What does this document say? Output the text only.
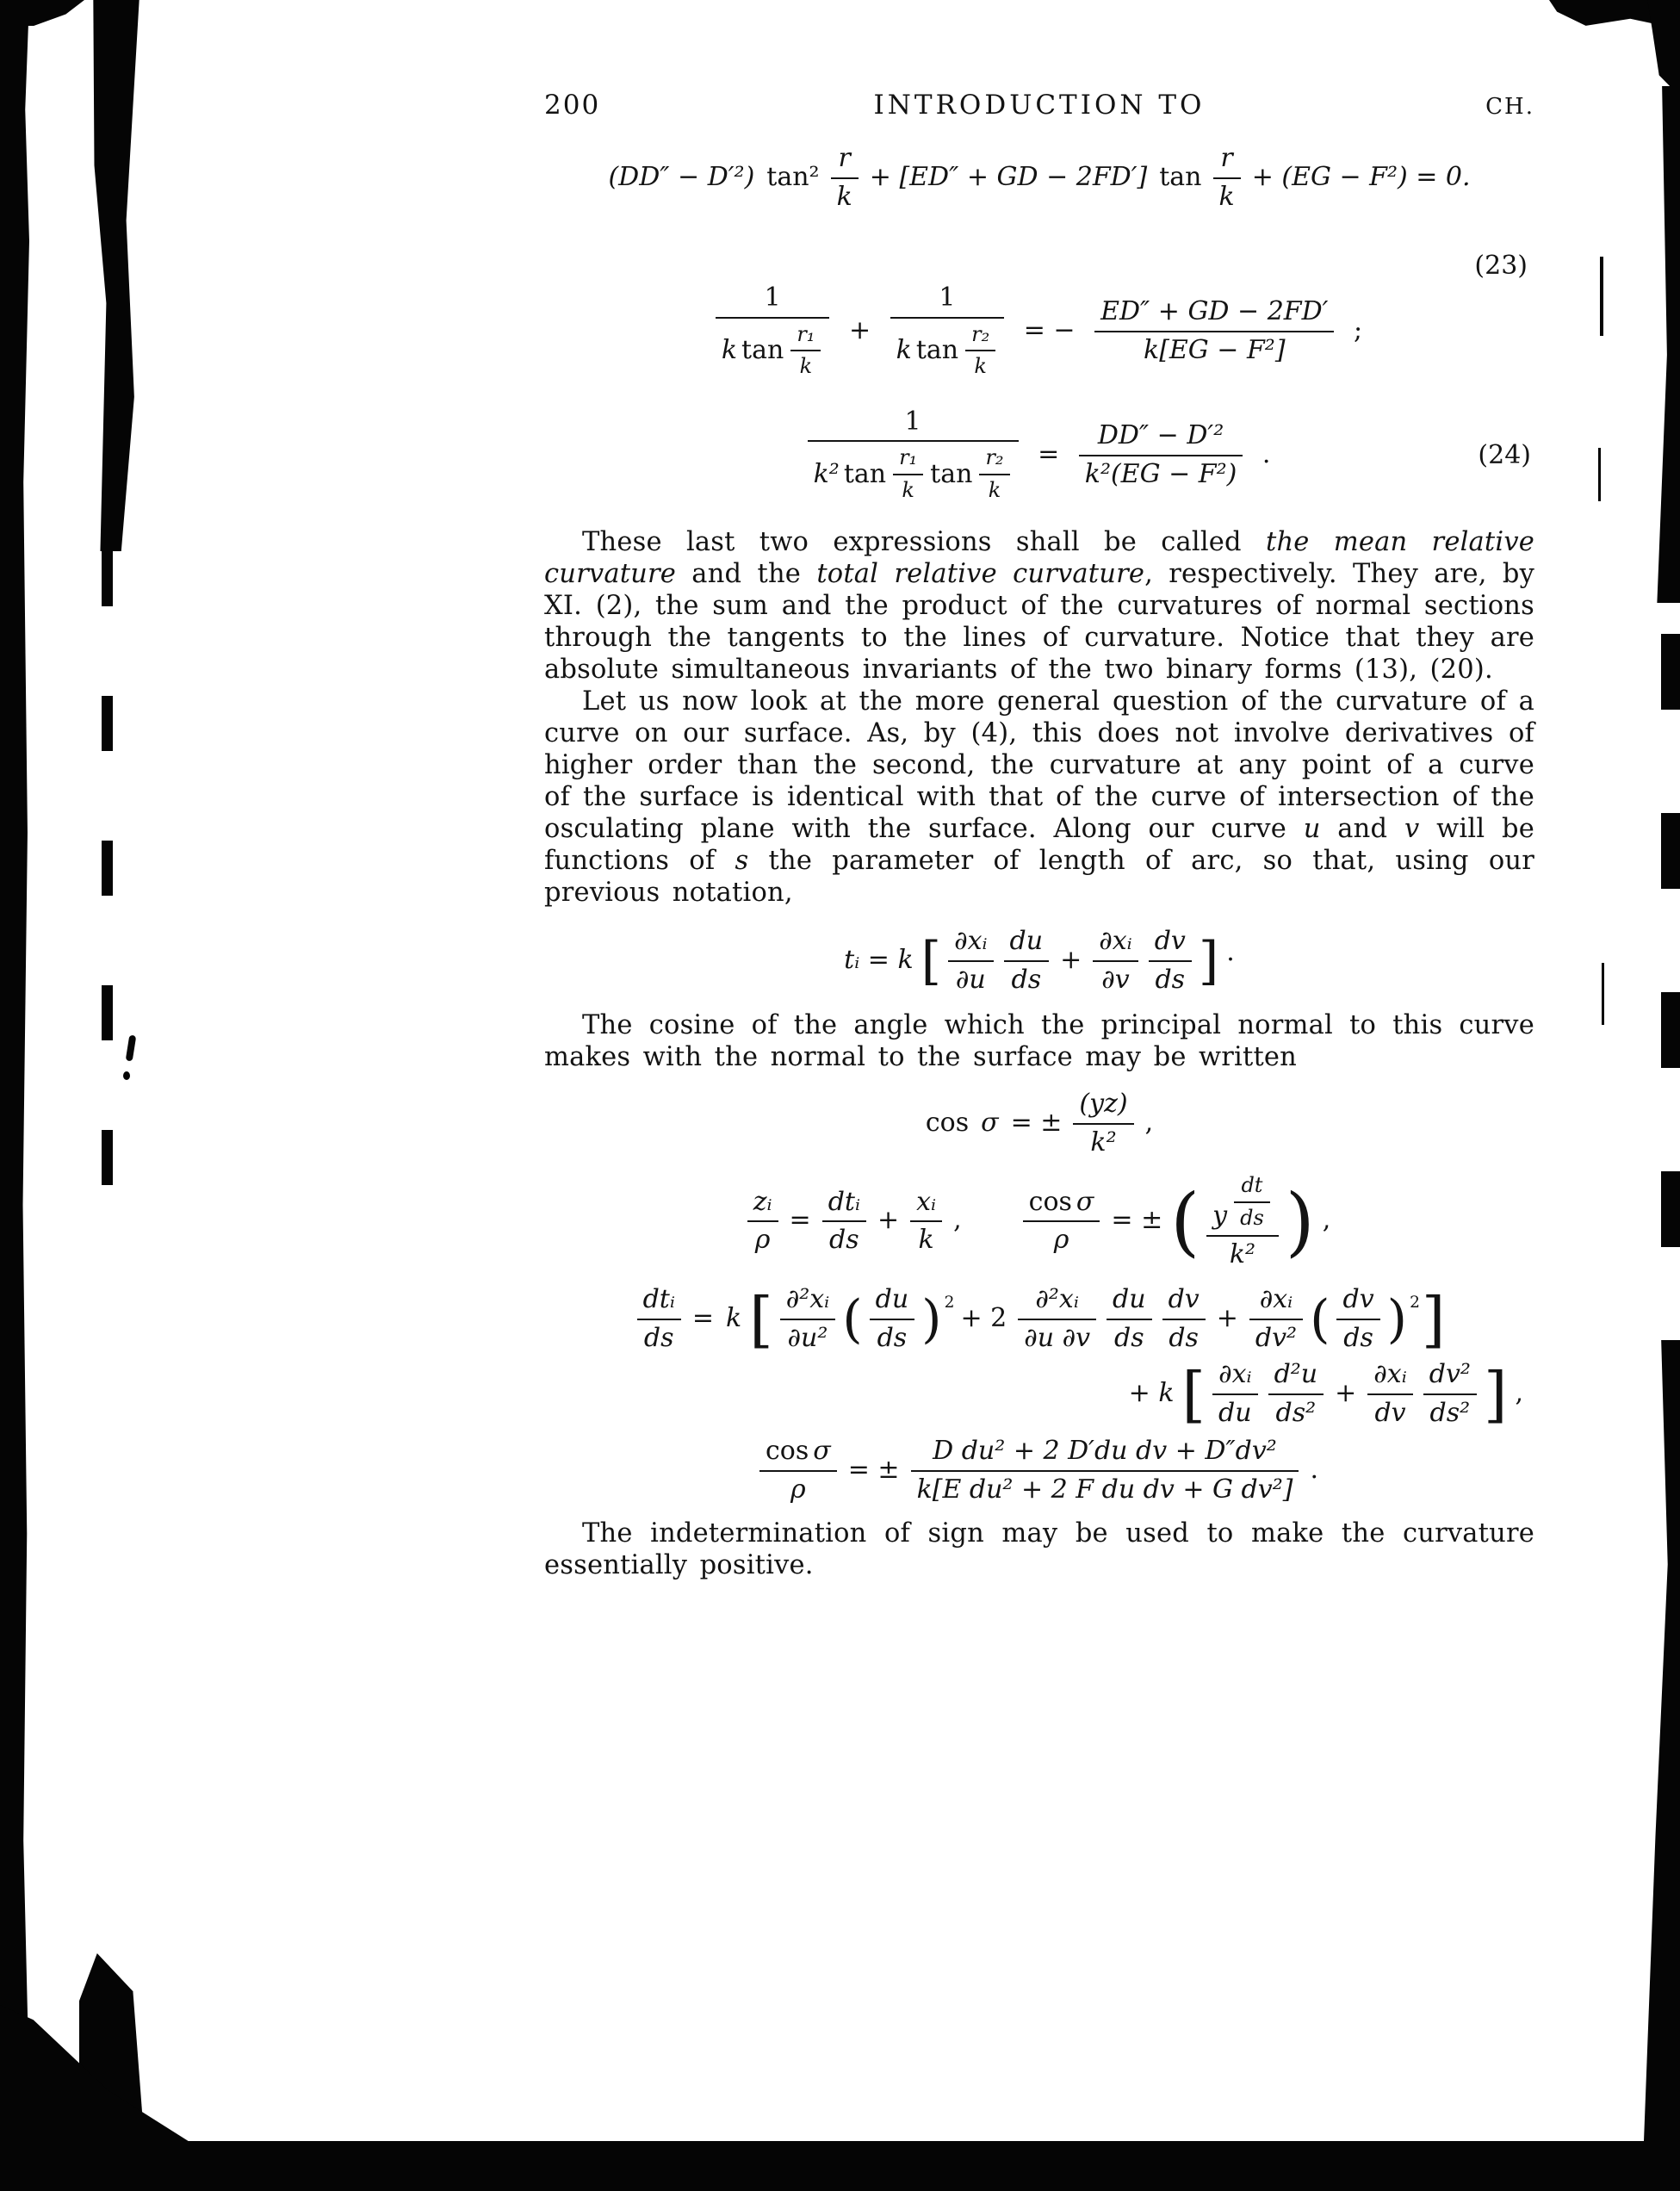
200	INTRODUCTION TO	CH.
(DD″ − D′²) $\tan^2 \frac{r}{k} + [ED''$ + GD − 2FD′] $\tan \frac{r}{k} + (EG - F^2) = 0$.
(23)
$\frac{1}{k \tan \frac{\text{r₁}}{k}} + \frac{1}{k \tan \frac{\text{r₂}}{k}}$ = − $\frac{ED'' + GD - 2FD'}{\text{k[EG − F²]}}$ ;
$\frac{1}{k^2 \tan \frac{\text{r₁}}{k} \tan \frac{\text{r₂}}{k}} = \frac{\text{DD″ − D′²}}{\text{k²(EG − F²)}}$ .	(24)

These last two expressions shall be called the mean relative curvature and the total relative curvature, respectively. They are, by XI. (2), the sum and the product of the curvatures of normal sections through the tangents to the lines of curvature. Notice that they are absolute simultaneous invariants of the two binary forms (13), (20).

Let us now look at the more general question of the curvature of a curve on our surface. As, by (4), this does not involve derivatives of higher order than the second, the curvature at any point of a curve of the surface is identical with that of the curve of intersection of the osculating plane with the surface. Along our curve u and v will be functions of s the parameter of length of arc, so that, using our previous notation,

tᵢ = k [ $\frac{\text{∂xᵢ}}{\partial u} \frac{du}{ds} + \frac{\text{∂xᵢ}}{\partial v} \frac{dv}{ds}$ ] ·

The cosine of the angle which the principal normal to this curve makes with the normal to the surface may be written

cos σ = ± $\frac{(yz)}{\text{k²}}$ ,
$\frac{\text{zᵢ}}{\rho}$ =
dtᵢ
ds
+ $\frac{\text{xᵢ}}{k}$ , $\frac{\text{cos σ}}{\rho}$ = ± ( y $\frac{dt}{ds}$
k² ) ,
dtᵢ
ds
= k [ $\frac{\text{∂²xᵢ}}{\text{∂u²}}$ ( $\frac{du}{ds}$ ) $^2 + 2 \frac{\text{∂²xᵢ}}{\partial u \partial v} \frac{du}{ds} \frac{dv}{ds} + \frac{\text{∂xᵢ}}{\text{dv²}}$ ( $\frac{dv}{ds}$ ) $^2$]
+ k [ $\frac{\text{∂xᵢ}}{du} \frac{\text{d²u}}{\text{ds²}} + \frac{\text{∂xᵢ}}{dv} \frac{\text{dv²}}{\text{ds²}}$ ] ,
$\frac{\text{cos σ}}{\rho}$ = ± $\frac{\text{D du² + 2 D′du dv + D″dv²}}{\text{k[E du² + 2 F du dv + G dv²]}}$ .

The indetermination of sign may be used to make the curvature essentially positive.
